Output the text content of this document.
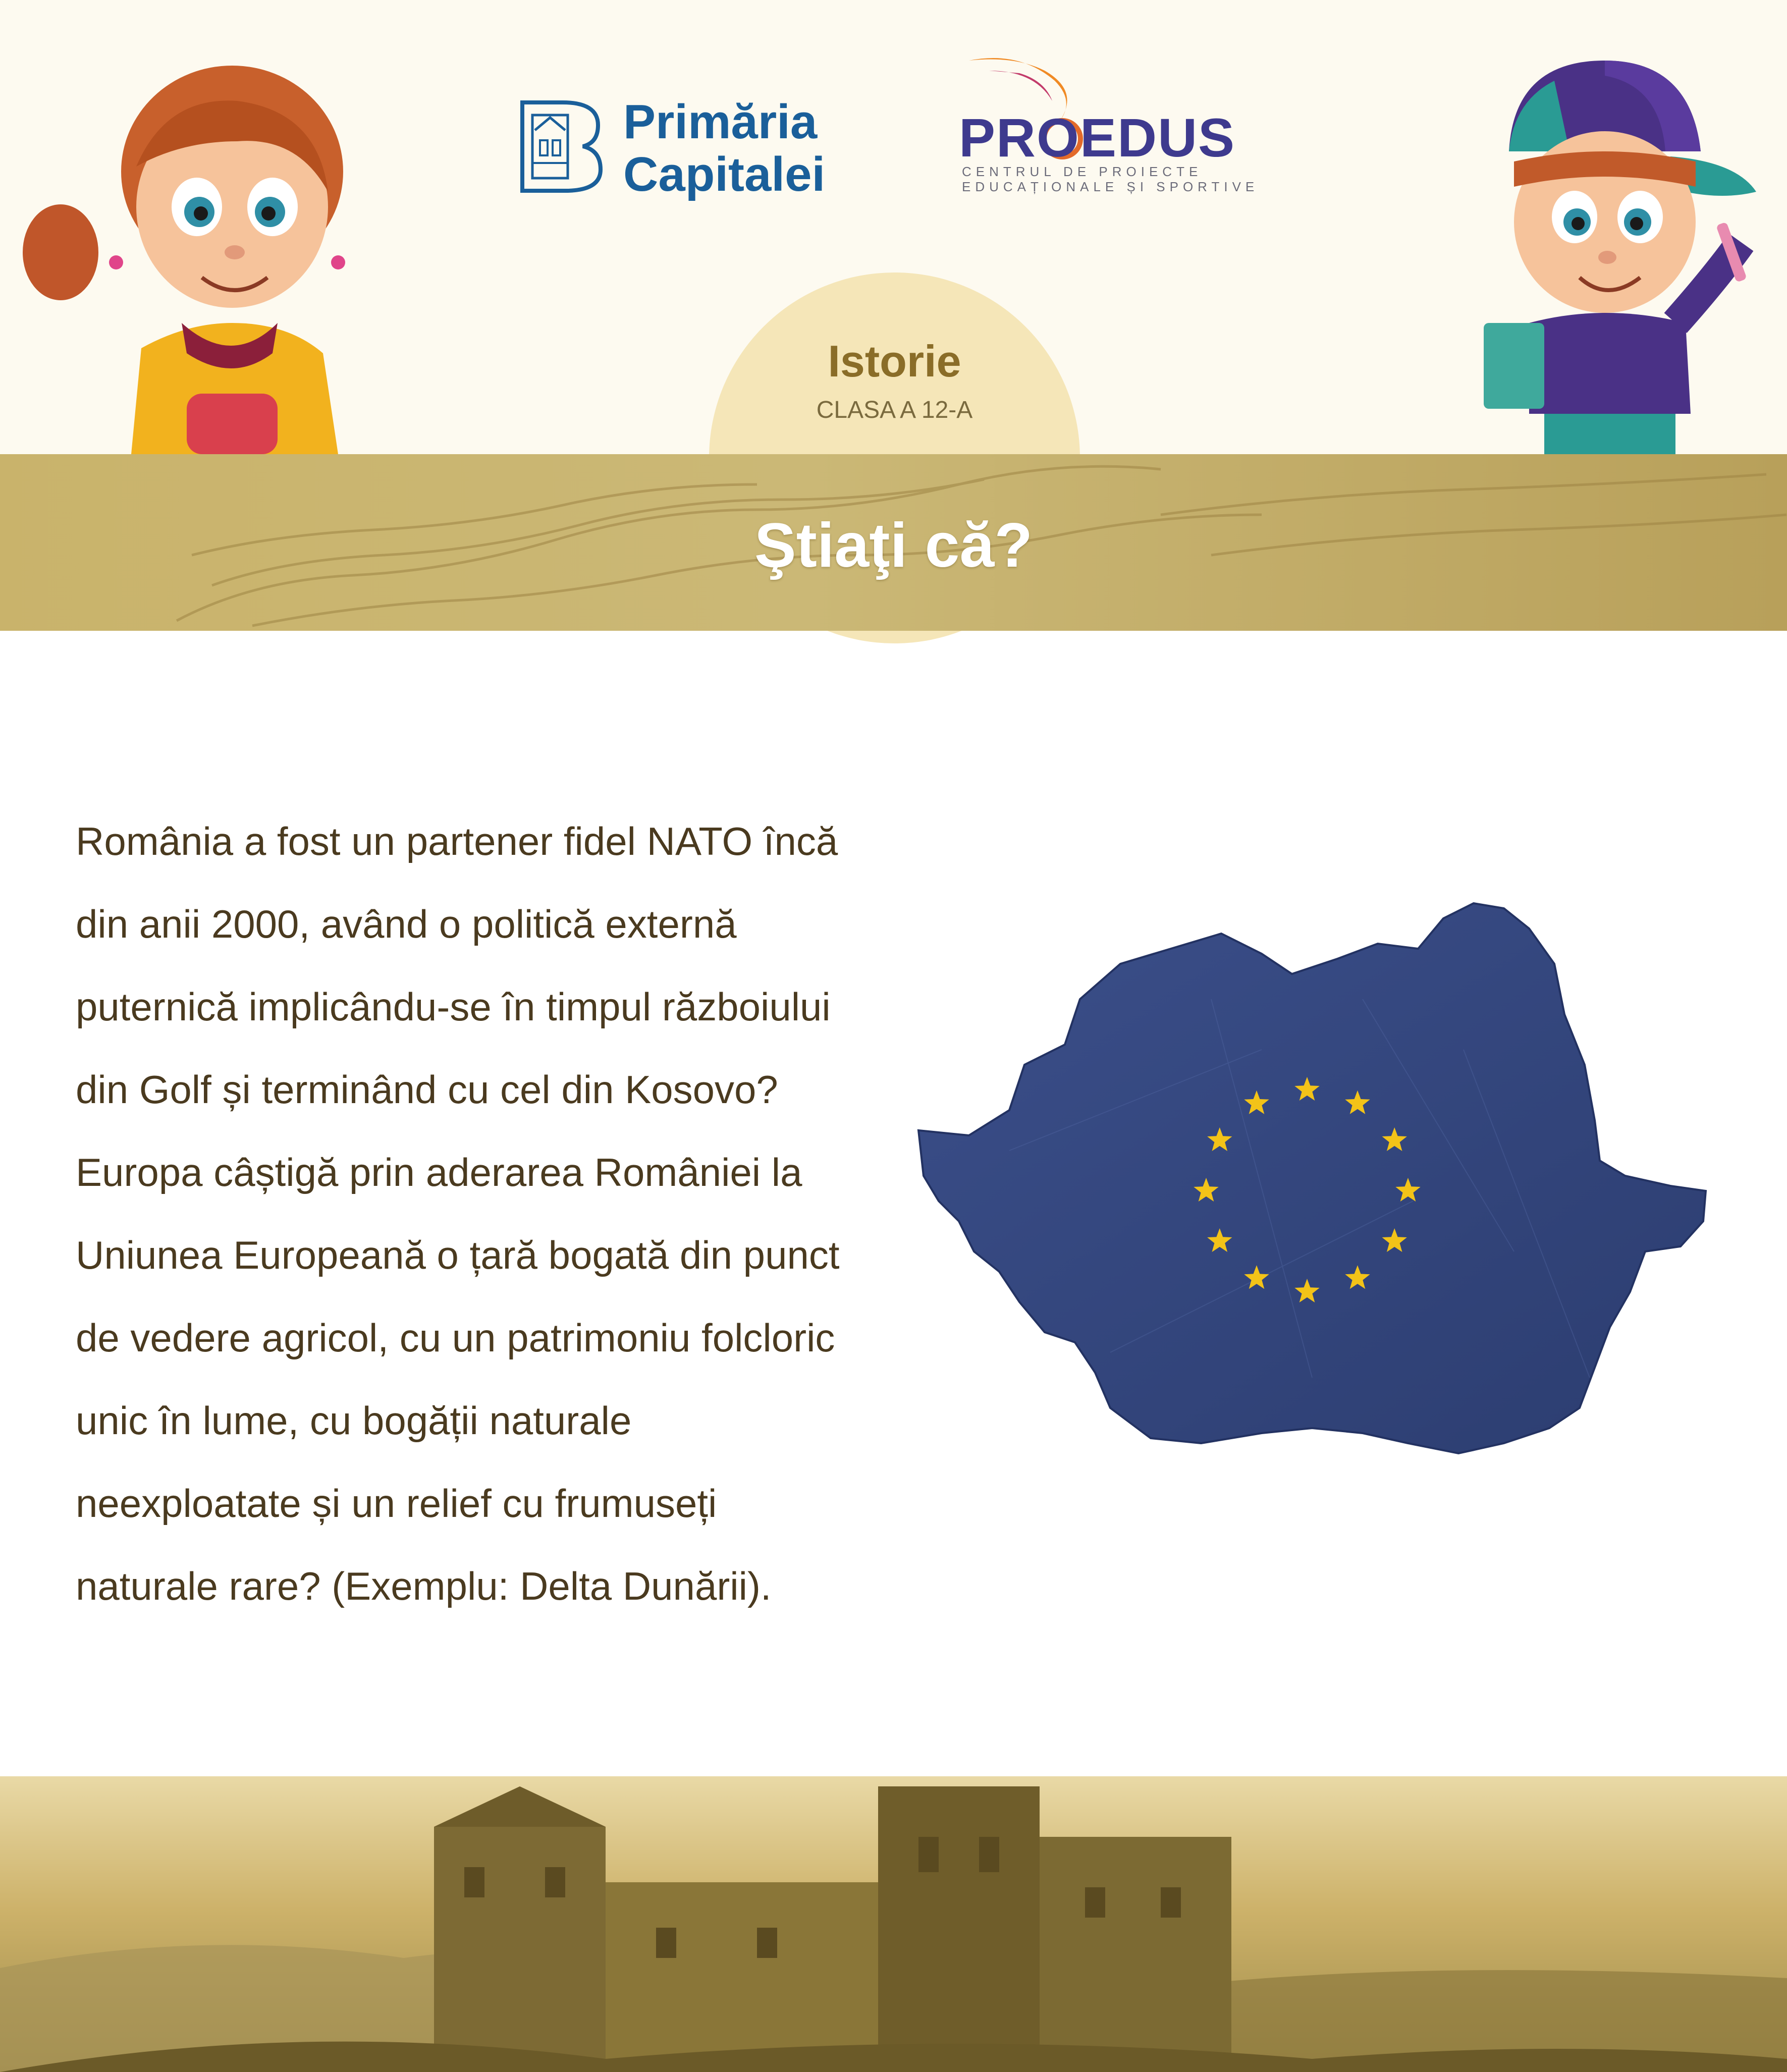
Primăria
Capitalei
PROEDUS
CENTRUL DE PROIECTE
EDUCAȚIONALE ȘI SPORTIVE
Istorie
CLASA A 12-A
Ştiaţi că?
România a fost un partener fidel NATO încă
din anii 2000, având o politică externă
puternică implicându-se în timpul războiului
din Golf și terminând cu cel din Kosovo?
Europa câștigă prin aderarea României la
Uniunea Europeană o țară bogată din punct
de vedere agricol, cu un patrimoniu folcloric
unic în lume, cu bogății naturale
neexploatate și un relief cu frumuseți
naturale rare? (Exemplu: Delta Dunării).
